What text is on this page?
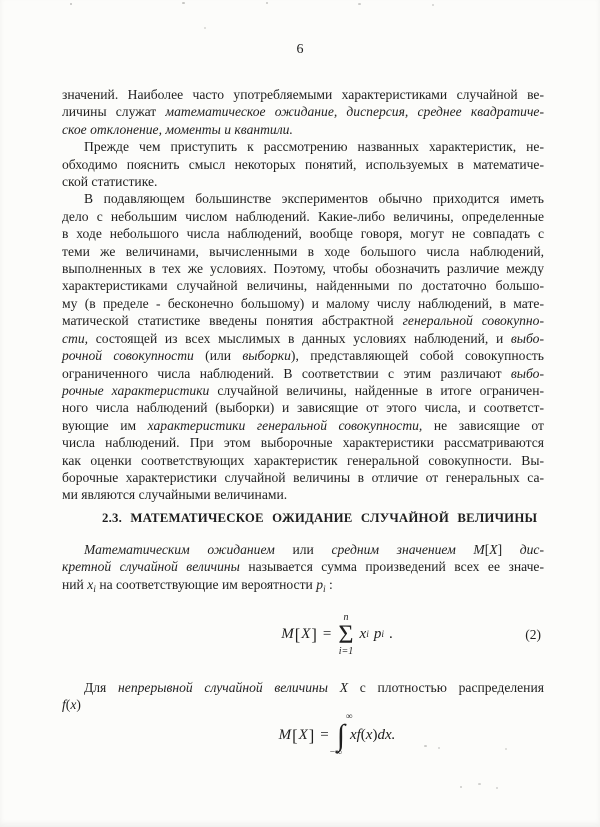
6
значений. Наиболее часто употребляемыми характеристиками случайной ве-
личины служат математическое ожидание, дисперсия, среднее квадратиче-
ское отклонение, моменты и квантили.
Прежде чем приступить к рассмотрению названных характеристик, не-
обходимо пояснить смысл некоторых понятий, используемых в математиче-
ской статистике.
В подавляющем большинстве экспериментов обычно приходится иметь
дело с небольшим числом наблюдений. Какие-либо величины, определенные
в ходе небольшого числа наблюдений, вообще говоря, могут не совпадать с
теми же величинами, вычисленными в ходе большого числа наблюдений,
выполненных в тех же условиях. Поэтому, чтобы обозначить различие между
характеристиками случайной величины, найденными по достаточно большо-
му (в пределе - бесконечно большому) и малому числу наблюдений, в мате-
матической статистике введены понятия абстрактной генеральной совокупно-
сти, состоящей из всех мыслимых в данных условиях наблюдений, и выбо-
рочной совокупности (или выборки), представляющей собой совокупность
ограниченного числа наблюдений. В соответствии с этим различают выбо-
рочные характеристики случайной величины, найденные в итоге ограничен-
ного числа наблюдений (выборки) и зависящие от этого числа, и соответст-
вующие им характеристики генеральной совокупности, не зависящие от
числа наблюдений. При этом выборочные характеристики рассматриваются
как оценки соответствующих характеристик генеральной совокупности. Вы-
борочные характеристики случайной величины в отличие от генеральных са-
ми являются случайными величинами.
2.3. МАТЕМАТИЧЕСКОЕ ОЖИДАНИЕ СЛУЧАЙНОЙ ВЕЛИЧИНЫ
Математическим ожиданием или средним значением M[X] дис-
кретной случайной величины называется сумма произведений всех ее значе-
ний $x_i$ на соответствующие им вероятности $p_i$ :
M [ X ] =
n
Σ
i=1
x i p i .	(2)
Для непрерывной случайной величины X с плотностью распределения
f(x)
M [ X ] =
∞
∫
−∞
xf ( x ) dx.
